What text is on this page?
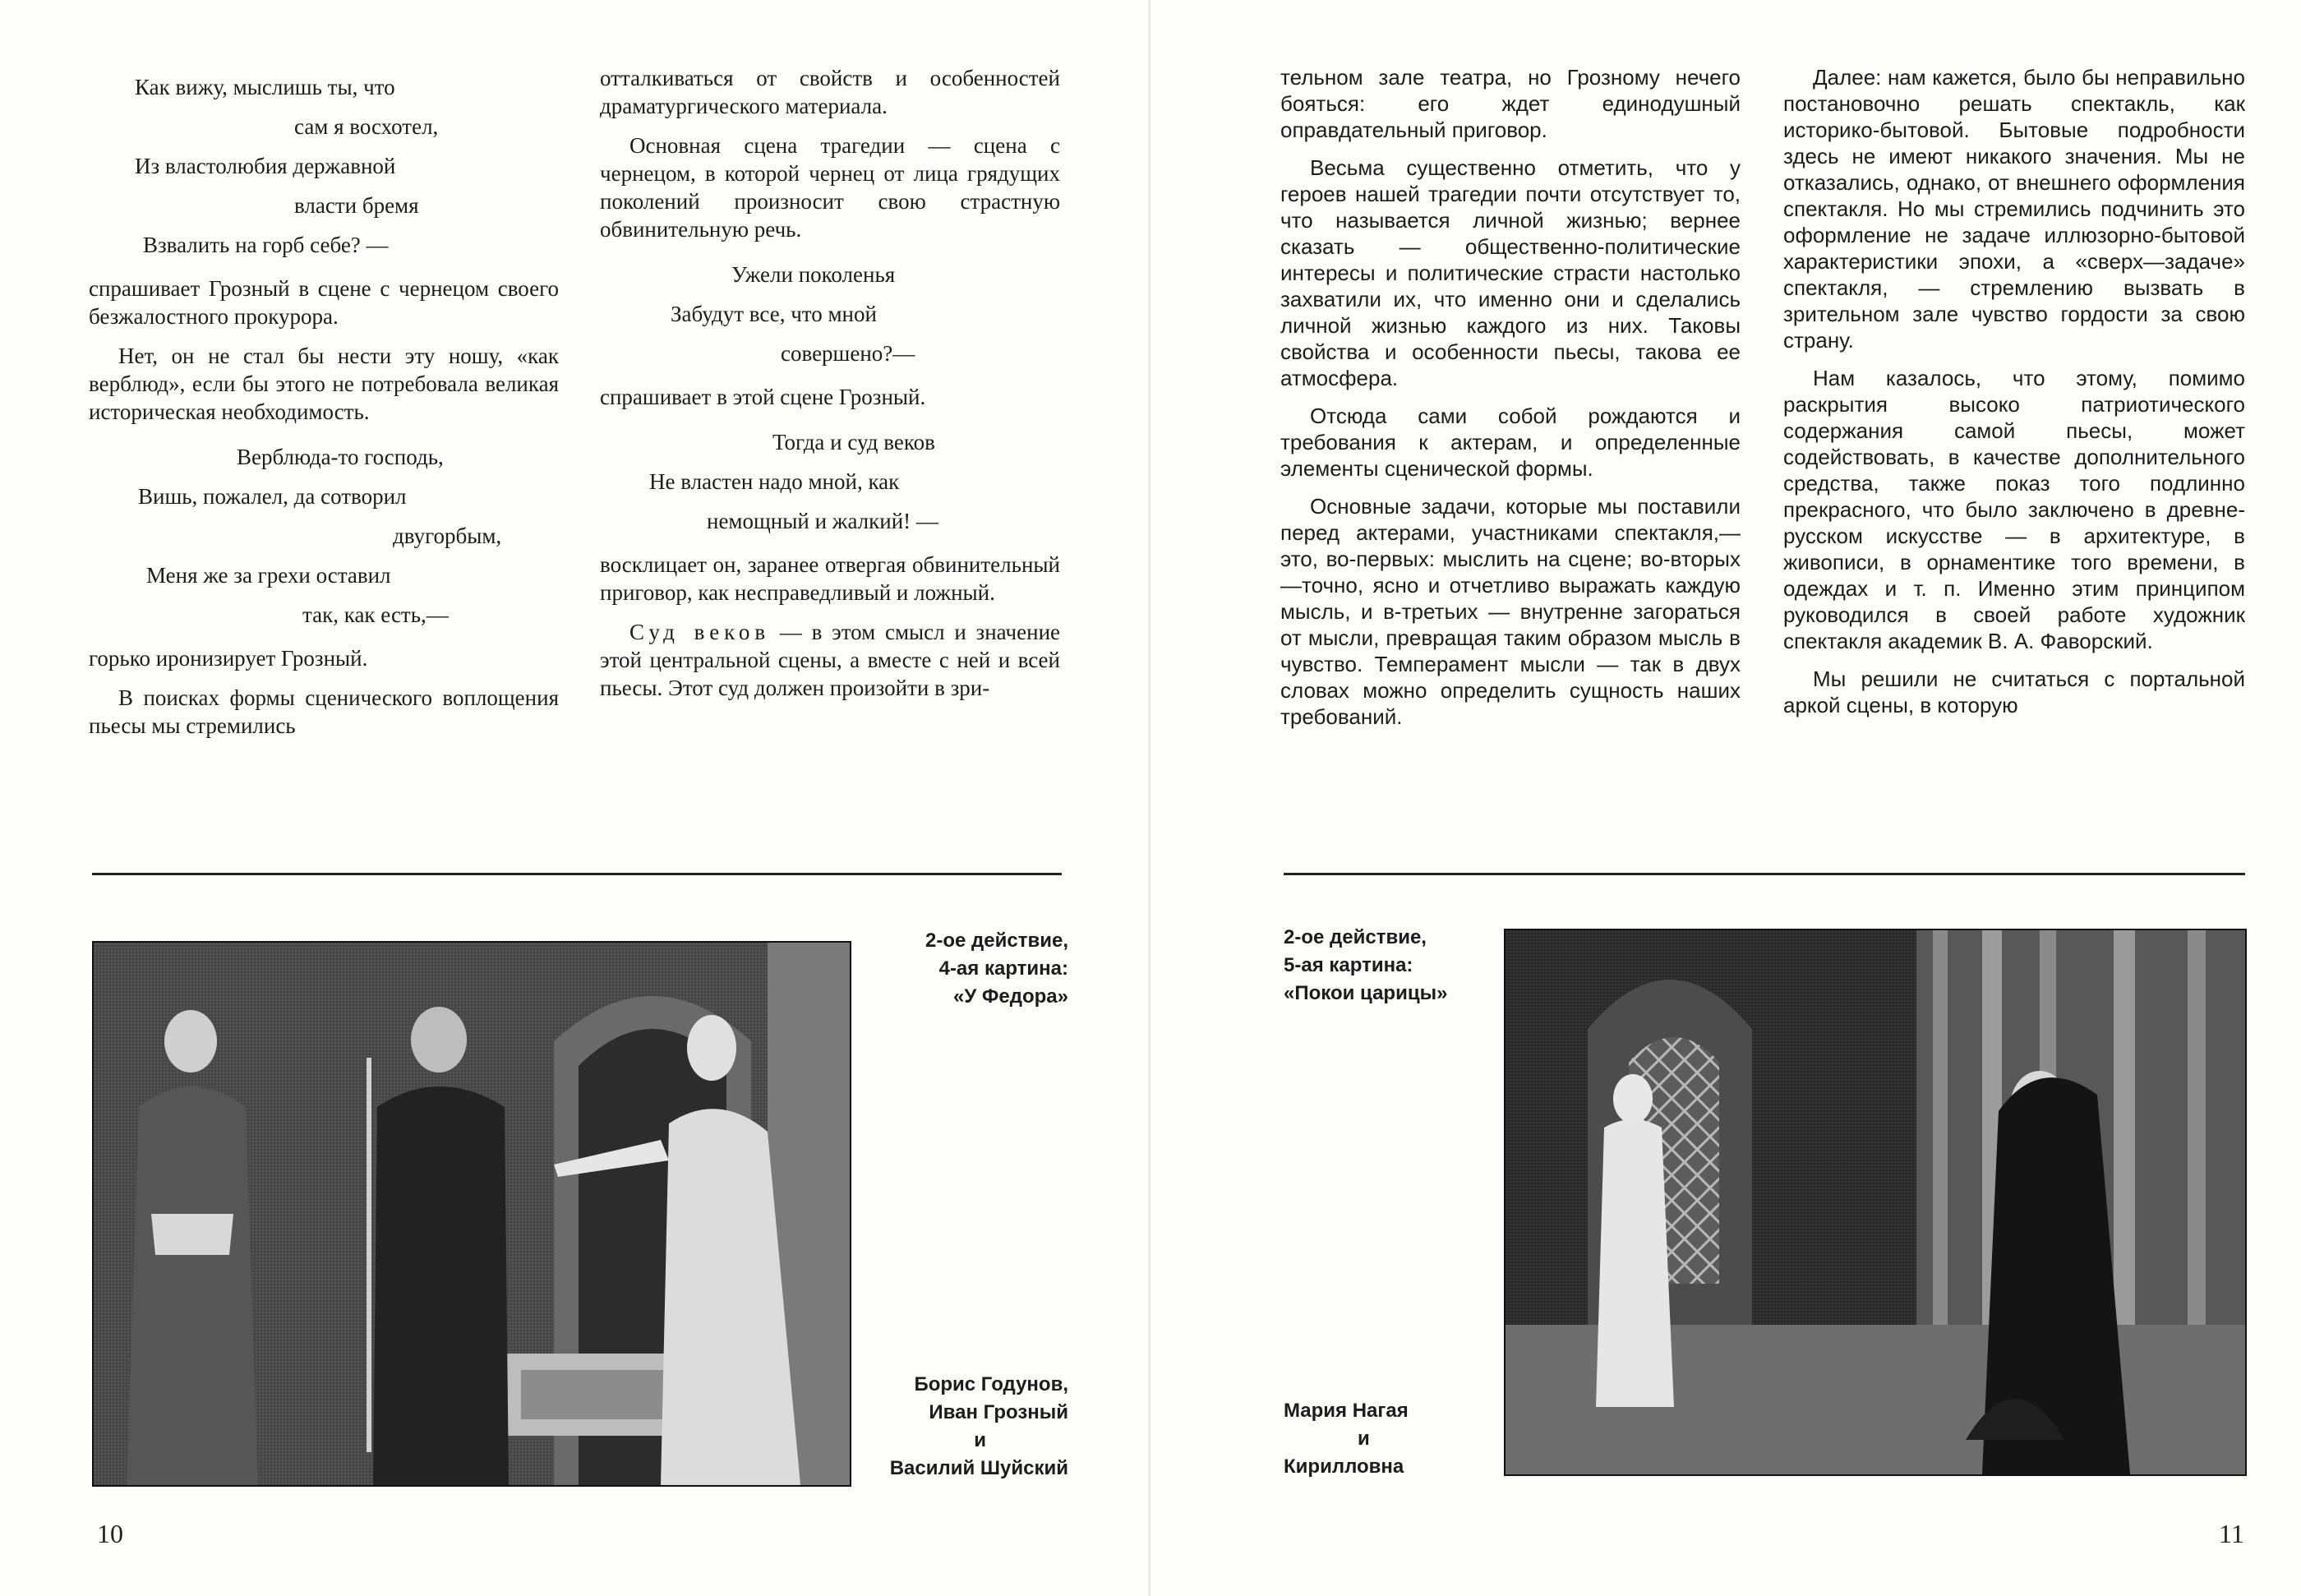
Как вижу, мыслишь ты, что
сам я восхотел,
Из властолюбия державной
власти бремя
Взвалить на горб себе? —

спрашивает Грозный в сцене с чернецом своего безжалостного прокурора.

Нет, он не стал бы нести эту ношу, «как верблюд», если бы этого не потребовала великая историческая необходимость.

Верблюда-то господь,
Вишь, пожалел, да сотворил
двугорбым,
Меня же за грехи оставил
так, как есть,—

горько иронизирует Грозный.

В поисках формы сценического воплощения пьесы мы стремились

отталкиваться от свойств и особенностей драматургического материала.

Основная сцена трагедии — сцена с чернецом, в которой чернец от лица грядущих поколений произносит свою страстную обвинительную речь.

Ужели поколенья
Забудут все, что мной
совершено?—

спрашивает в этой сцене Грозный.

Тогда и суд веков
Не властен надо мной, как
немощный и жалкий! —

восклицает он, заранее отвергая обвинительный приговор, как несправедливый и ложный.

Суд веков — в этом смысл и значение этой центральной сцены, а вместе с ней и всей пьесы. Этот суд должен произойти в зри-

2-ое действие,
4-ая картина:
«У Федора»
Борис Годунов,
Иван Грозный
и
Василий Шуйский
10

тельном зале театра, но Грозному нечего бояться: его ждет единодушный оправдательный приговор.

Весьма существенно отметить, что у героев нашей трагедии почти отсутствует то, что называется личной жизнью; вернее сказать — общественно-политические интересы и политические страсти настолько захватили их, что именно они и сделались личной жизнью каждого из них. Таковы свойства и особенности пьесы, такова ее атмосфера.

Отсюда сами собой рождаются и требования к актерам, и определенные элементы сценической формы.

Основные задачи, которые мы поставили перед актерами, участниками спектакля,—это, во-первых: мыслить на сцене; во-вторых—точно, ясно и отчетливо выражать каждую мысль, и в-третьих — внутренне загораться от мысли, превращая таким образом мысль в чувство. Темперамент мысли — так в двух словах можно определить сущность наших требований.

Далее: нам кажется, было бы неправильно постановочно решать спектакль, как историко-бытовой. Бытовые подробности здесь не имеют никакого значения. Мы не отказались, однако, от внешнего оформления спектакля. Но мы стремились подчинить это оформление не задаче иллюзорно-бытовой характеристики эпохи, а «сверх—задаче» спектакля, — стремлению вызвать в зрительном зале чувство гордости за свою страну.

Нам казалось, что этому, помимо раскрытия высоко патриотического содержания самой пьесы, может содействовать, в качестве дополнительного средства, также показ того подлинно прекрасного, что было заключено в древне-русском искусстве — в архитектуре, в живописи, в орнаментике того времени, в одеждах и т. п. Именно этим принципом руководился в своей работе художник спектакля академик В. А. Фаворский.

Мы решили не считаться с портальной аркой сцены, в которую

2-ое действие,
5-ая картина:
«Покои царицы»
Мария Нагая
и
Кирилловна
11
